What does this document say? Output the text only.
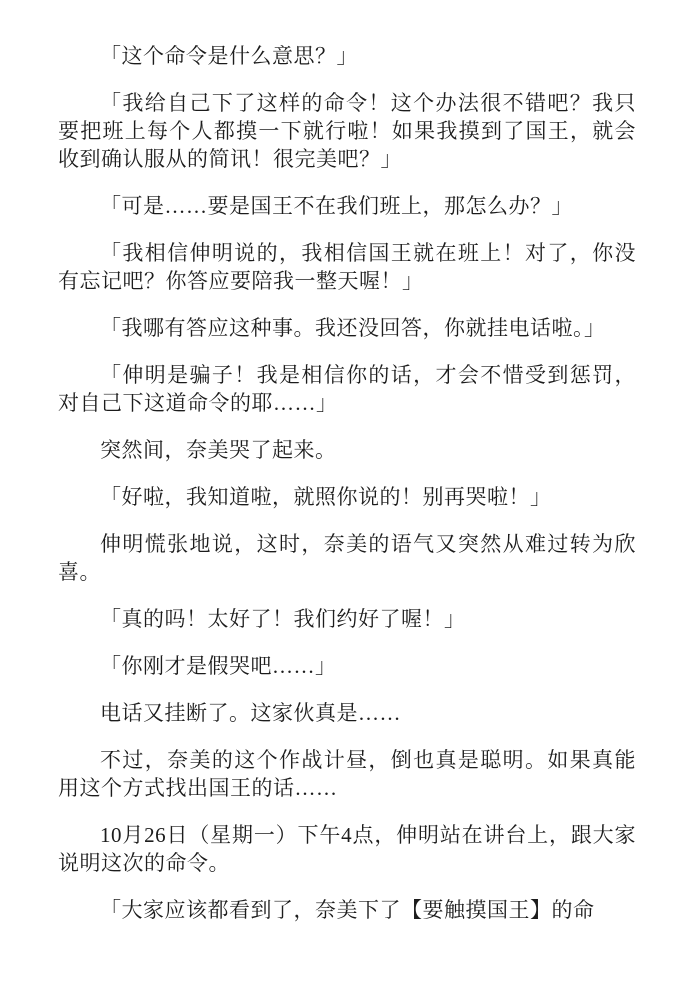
「这个命令是什么意思？」

「我给自己下了这样的命令！这个办法很不错吧？我只要把班上每个人都摸一下就行啦！如果我摸到了国王，就会收到确认服从的简讯！很完美吧？」

「可是……要是国王不在我们班上，那怎么办？」

「我相信伸明说的，我相信国王就在班上！对了，你没有忘记吧？你答应要陪我一整天喔！」

「我哪有答应这种事。我还没回答，你就挂电话啦。」

「伸明是骗子！我是相信你的话，才会不惜受到惩罚，对自己下这道命令的耶……」

突然间，奈美哭了起来。

「好啦，我知道啦，就照你说的！别再哭啦！」

伸明慌张地说，这时，奈美的语气又突然从难过转为欣喜。

「真的吗！太好了！我们约好了喔！」

「你刚才是假哭吧……」

电话又挂断了。这家伙真是……

不过，奈美的这个作战计昼，倒也真是聪明。如果真能用这个方式找出国王的话……

10月26日（星期一）下午4点，伸明站在讲台上，跟大家说明这次的命令。

「大家应该都看到了，奈美下了【要触摸国王】的命
